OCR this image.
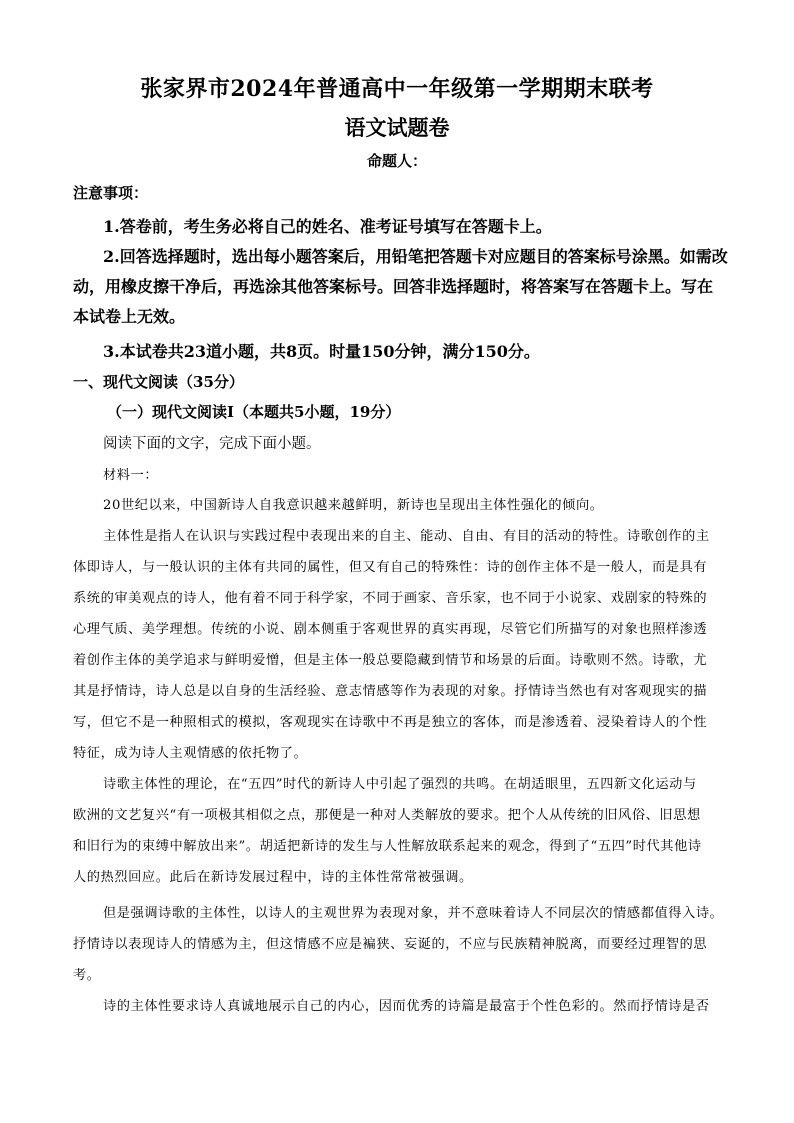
张家界市2024年普通高中一年级第一学期期末联考
语文试题卷
命题人：
注意事项：
1.答卷前，考生务必将自己的姓名、准考证号填写在答题卡上。
2.回答选择题时，选出每小题答案后，用铅笔把答题卡对应题目的答案标号涂黑。如需改
动，用橡皮擦干净后，再选涂其他答案标号。回答非选择题时，将答案写在答题卡上。写在
本试卷上无效。
3.本试卷共23道小题，共8页。时量150分钟，满分150分。
一、现代文阅读（35分）
（一）现代文阅读Ⅰ（本题共5小题，19分）
阅读下面的文字，完成下面小题。
材料一：
20世纪以来，中国新诗人自我意识越来越鲜明，新诗也呈现出主体性强化的倾向。
主体性是指人在认识与实践过程中表现出来的自主、能动、自由、有目的活动的特性。诗歌创作的主
体即诗人，与一般认识的主体有共同的属性，但又有自己的特殊性：诗的创作主体不是一般人，而是具有
系统的审美观点的诗人，他有着不同于科学家，不同于画家、音乐家，也不同于小说家、戏剧家的特殊的
心理气质、美学理想。传统的小说、剧本侧重于客观世界的真实再现，尽管它们所描写的对象也照样渗透
着创作主体的美学追求与鲜明爱憎，但是主体一般总要隐藏到情节和场景的后面。诗歌则不然。诗歌，尤
其是抒情诗，诗人总是以自身的生活经验、意志情感等作为表现的对象。抒情诗当然也有对客观现实的描
写，但它不是一种照相式的模拟，客观现实在诗歌中不再是独立的客体，而是渗透着、浸染着诗人的个性
特征，成为诗人主观情感的依托物了。
诗歌主体性的理论，在“五四”时代的新诗人中引起了强烈的共鸣。在胡适眼里，五四新文化运动与
欧洲的文艺复兴“有一项极其相似之点，那便是一种对人类解放的要求。把个人从传统的旧风俗、旧思想
和旧行为的束缚中解放出来”。胡适把新诗的发生与人性解放联系起来的观念，得到了“五四”时代其他诗
人的热烈回应。此后在新诗发展过程中，诗的主体性常常被强调。
但是强调诗歌的主体性，以诗人的主观世界为表现对象，并不意味着诗人不同层次的情感都值得入诗。
抒情诗以表现诗人的情感为主，但这情感不应是褊狭、妄诞的，不应与民族精神脱离，而要经过理智的思
考。
诗的主体性要求诗人真诚地展示自己的内心，因而优秀的诗篇是最富于个性色彩的。然而抒情诗是否
